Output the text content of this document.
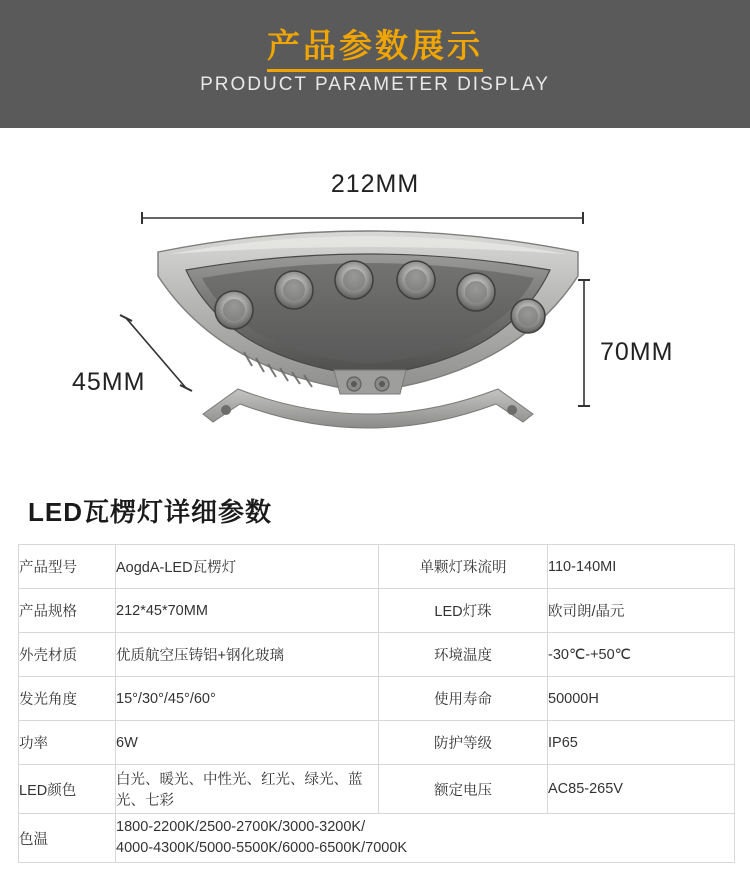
产品参数展示
PRODUCT PARAMETER DISPLAY
212MM
70MM
45MM
LED瓦楞灯详细参数
产品型号	AogdA-LED瓦楞灯	单颗灯珠流明	110-140MI
产品规格	212*45*70MM	LED灯珠	欧司朗/晶元
外壳材质	优质航空压铸铝+钢化玻璃	环境温度	-30℃-+50℃
发光角度	15°/30°/45°/60°	使用寿命	50000H
功率	6W	防护等级	IP65
LED颜色	白光、暖光、中性光、红光、绿光、蓝光、七彩	额定电压	AC85-265V
色温	1800-2200K/2500-2700K/3000-3200K/
4000-4300K/5000-5500K/6000-6500K/7000K		
